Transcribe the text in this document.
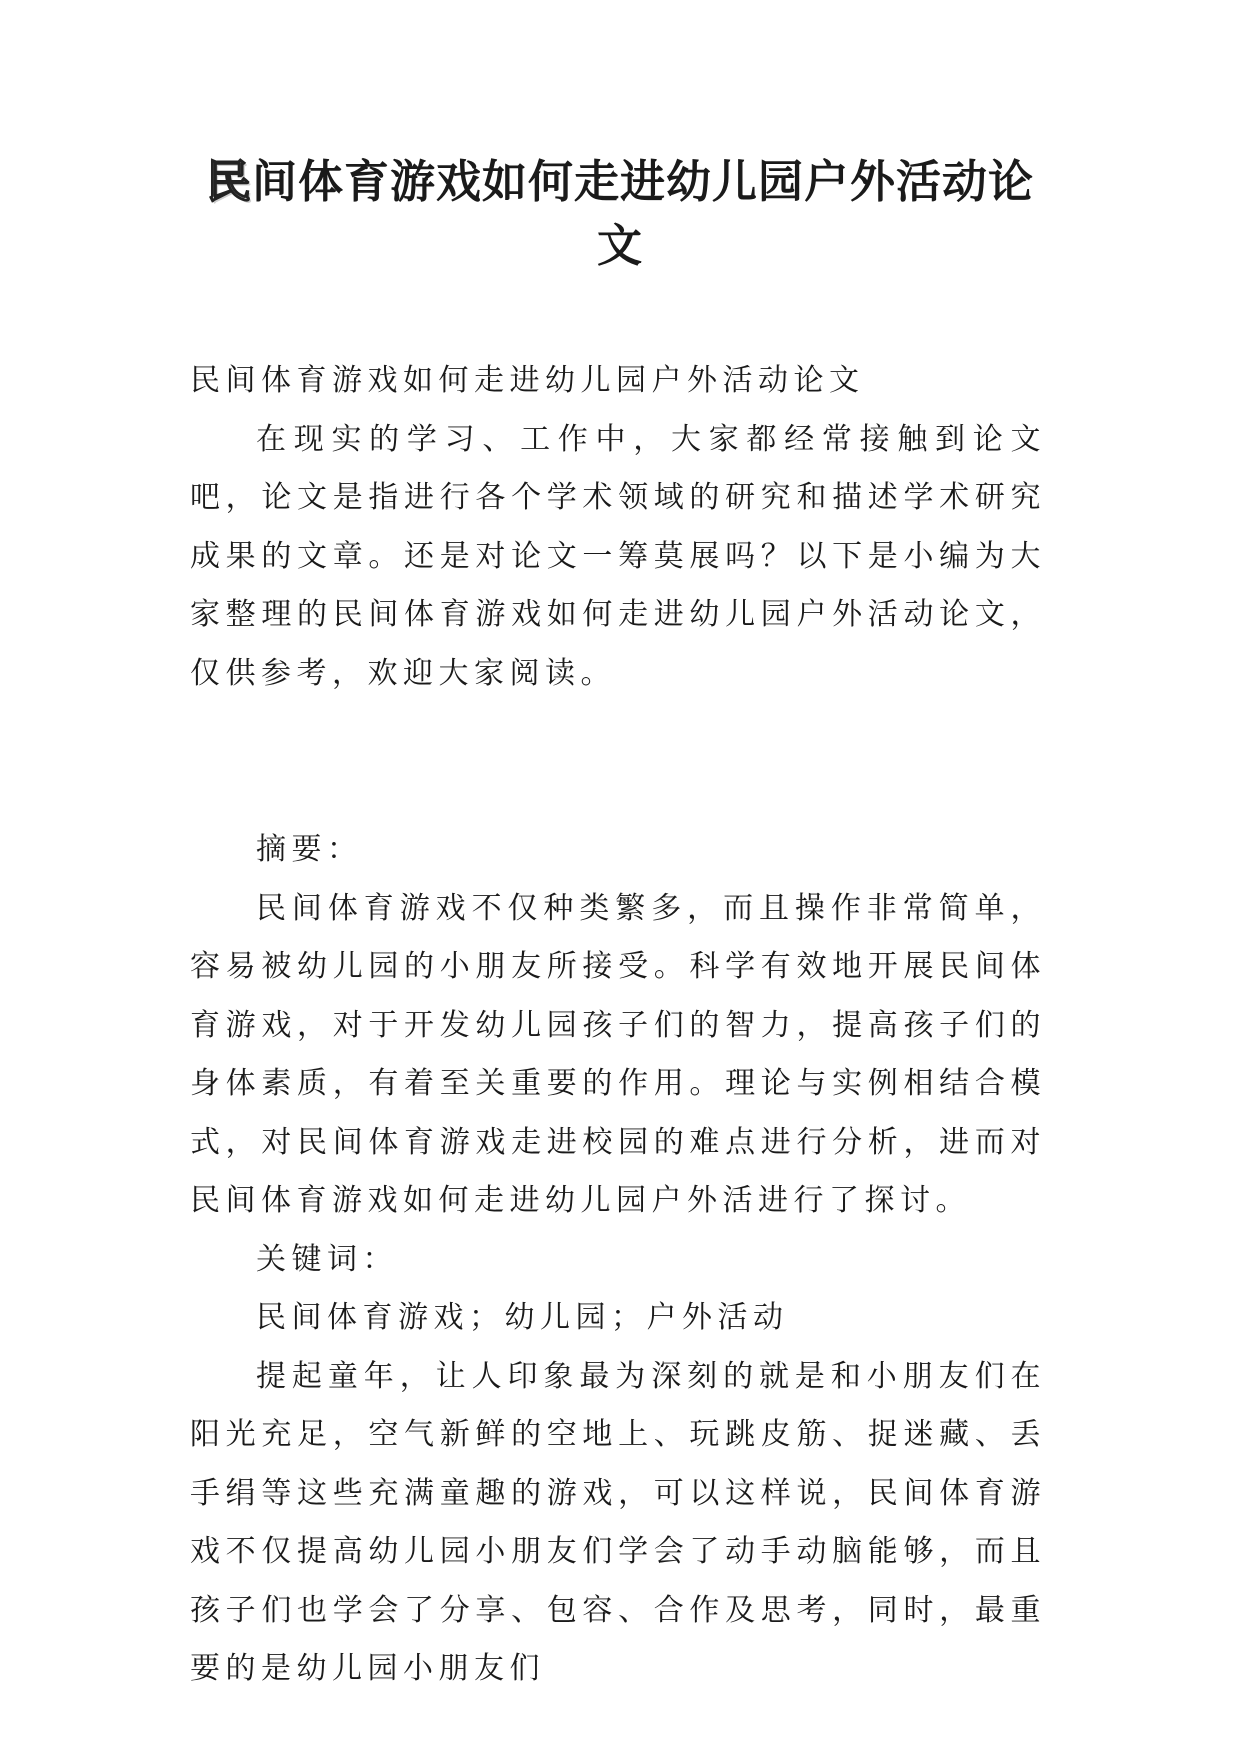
民间体育游戏如何走进幼儿园户外活动论文

民间体育游戏如何走进幼儿园户外活动论文

在现实的学习、工作中，大家都经常接触到论文吧，论文是指进行各个学术领域的研究和描述学术研究成果的文章。还是对论文一筹莫展吗？以下是小编为大家整理的民间体育游戏如何走进幼儿园户外活动论文，仅供参考，欢迎大家阅读。

摘要：

民间体育游戏不仅种类繁多，而且操作非常简单，容易被幼儿园的小朋友所接受。科学有效地开展民间体育游戏，对于开发幼儿园孩子们的智力，提高孩子们的身体素质，有着至关重要的作用。理论与实例相结合模式，对民间体育游戏走进校园的难点进行分析，进而对民间体育游戏如何走进幼儿园户外活进行了探讨。

关键词：

民间体育游戏；幼儿园；户外活动

提起童年，让人印象最为深刻的就是和小朋友们在阳光充足，空气新鲜的空地上、玩跳皮筋、捉迷藏、丢手绢等这些充满童趣的游戏，可以这样说，民间体育游戏不仅提高幼儿园小朋友们学会了动手动脑能够，而且孩子们也学会了分享、包容、合作及思考，同时，最重要的是幼儿园小朋友们
